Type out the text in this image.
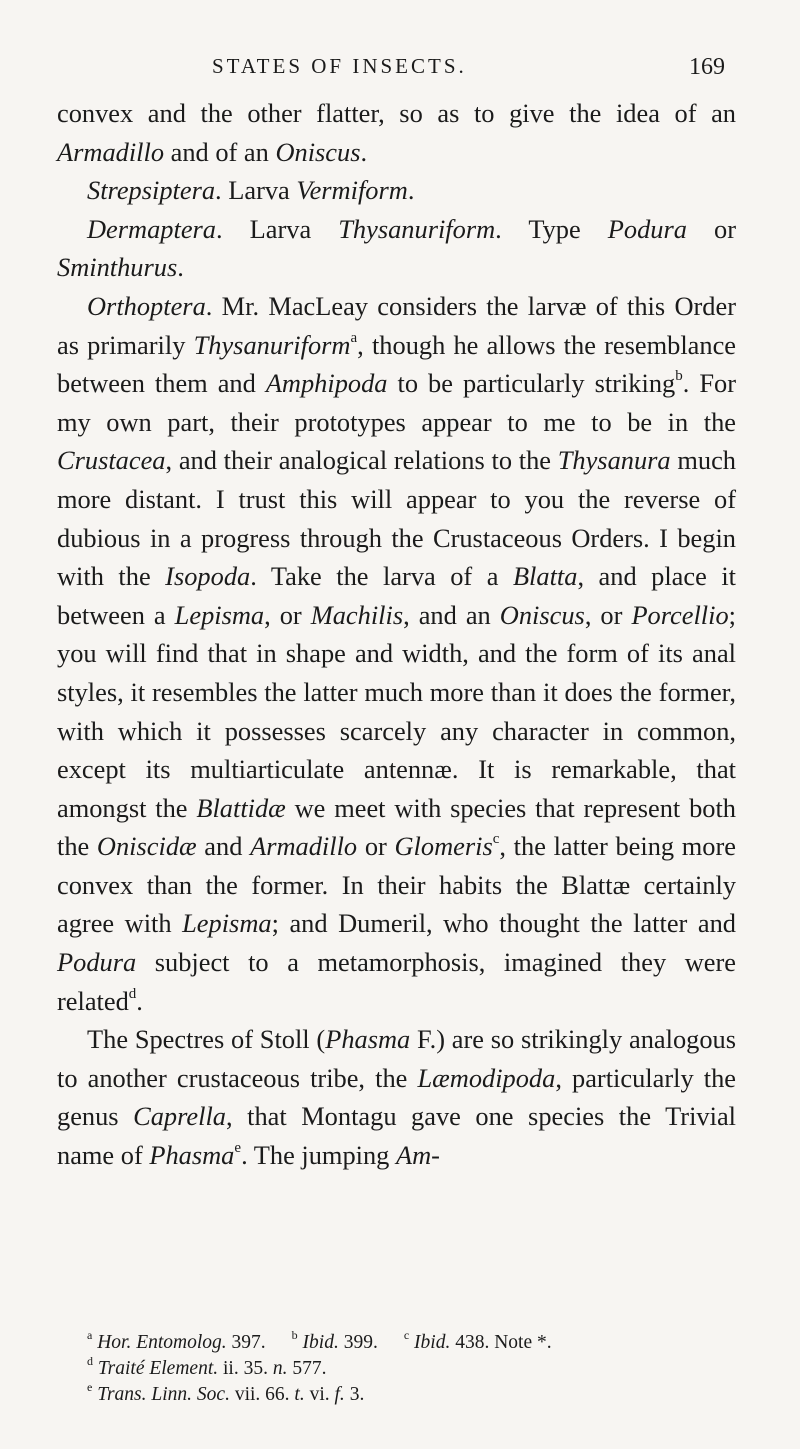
STATES OF INSECTS.	169

convex and the other flatter, so as to give the idea of an Armadillo and of an Oniscus.

Strepsiptera. Larva Vermiform.

Dermaptera. Larva Thysanuriform. Type Podura or Sminthurus.

Orthoptera. Mr. MacLeay considers the larvæ of this Order as primarily Thysanuriform$^a$, though he allows the resemblance between them and Amphipoda to be particularly striking$^b$. For my own part, their prototypes appear to me to be in the Crustacea, and their analogical relations to the Thysanura much more distant. I trust this will appear to you the reverse of dubious in a progress through the Crustaceous Orders. I begin with the Isopoda. Take the larva of a Blatta, and place it between a Lepisma, or Machilis, and an Oniscus, or Porcellio; you will find that in shape and width, and the form of its anal styles, it resembles the latter much more than it does the former, with which it possesses scarcely any character in common, except its multiarticulate antennæ. It is remarkable, that amongst the Blattidæ we meet with species that represent both the Oniscidæ and Armadillo or Glomeris$^c$, the latter being more convex than the former. In their habits the Blattæ certainly agree with Lepisma; and Dumeril, who thought the latter and Podura subject to a metamorphosis, imagined they were related$^d$.

The Spectres of Stoll (Phasma F.) are so strikingly analogous to another crustaceous tribe, the Læmodipoda, particularly the genus Caprella, that Montagu gave one species the Trivial name of Phasma$^e$. The jumping Am-

$^a$ Hor. Entomolog. 397. $^b$ Ibid. 399. $^c$ Ibid. 438. Note *.
$^d$ Traité Element. ii. 35. n. 577.
$^e$ Trans. Linn. Soc. vii. 66. t. vi. f. 3.
